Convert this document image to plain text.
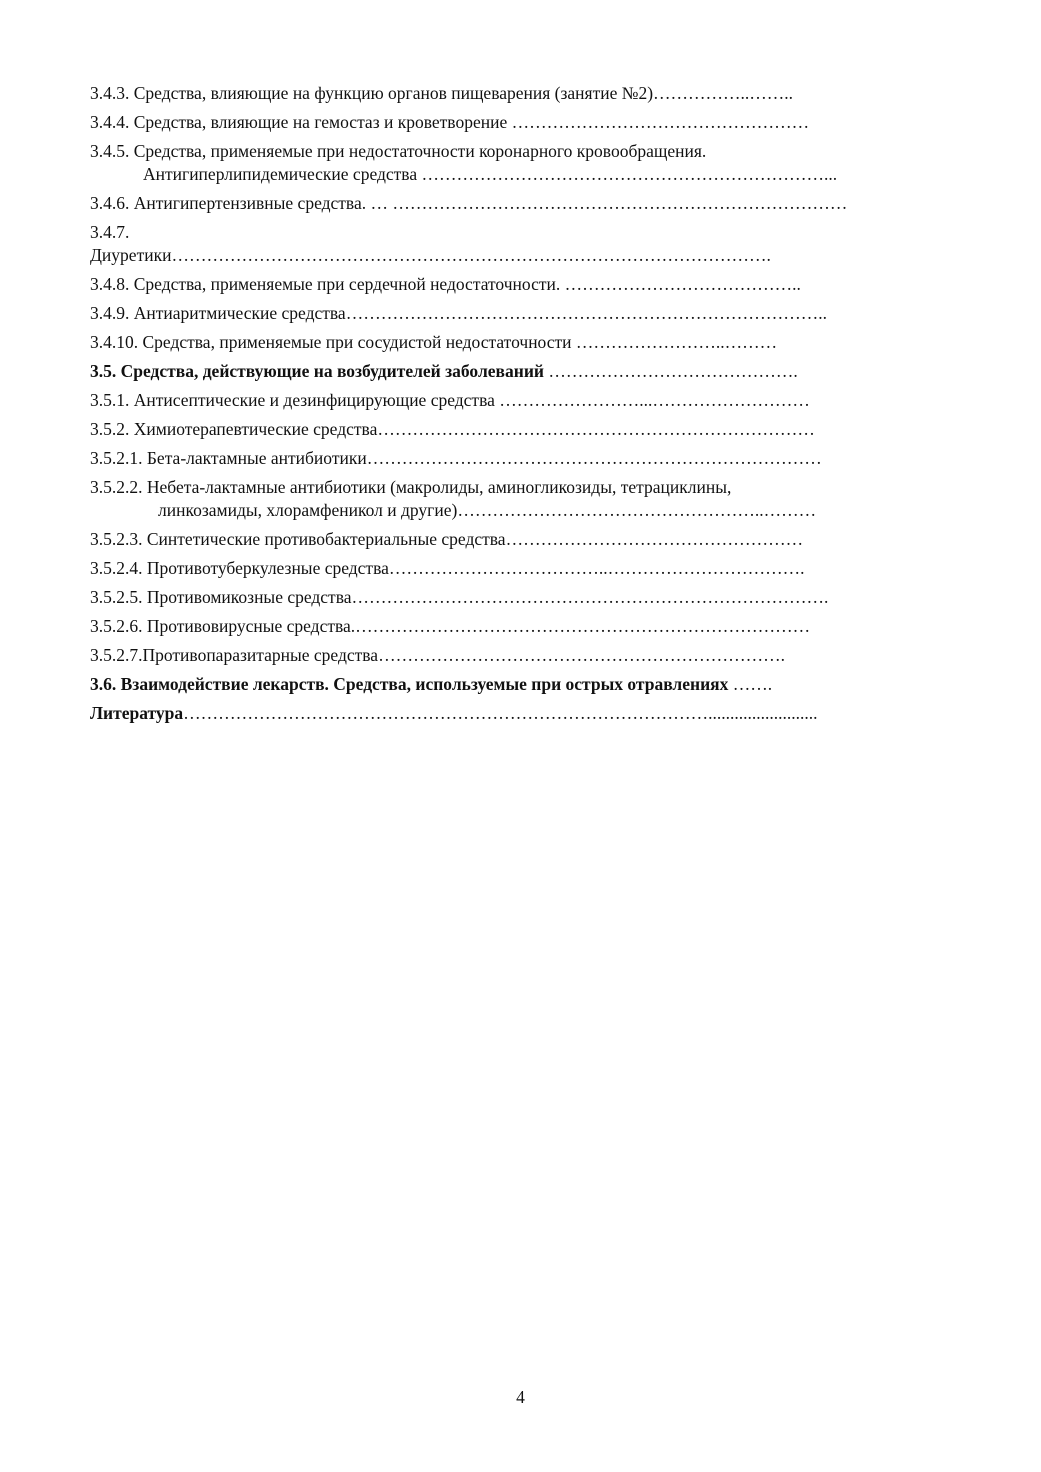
3.4.3. Средства, влияющие на функцию органов пищеварения (занятие №2)……………..……..
3.4.4. Средства, влияющие на гемостаз и кроветворение ……………………………………………
3.4.5. Средства, применяемые при недостаточности коронарного кровообращения.
Антигиперлипидемические средства ……………………………………………………………...
3.4.6. Антигипертензивные средства. … ……………………………………………………………………
3.4.7.
Диуретики………………………………………………………………………………………….
3.4.8. Средства, применяемые при сердечной недостаточности. …………………………………..
3.4.9. Антиаритмические средства………………………………………………………………………..
3.4.10. Средства, применяемые при сосудистой недостаточности ……………………..………
3.5. Средства, действующие на возбудителей заболеваний …………………………………….
3.5.1. Антисептические и дезинфицирующие средства ……………………...………………………
3.5.2. Химиотерапевтические средства…………………………………………………………………
3.5.2.1. Бета-лактамные антибиотики……………………………………………………………………
3.5.2.2. Небета-лактамные антибиотики (макролиды, аминогликозиды, тетрациклины,
линкозамиды, хлорамфеникол и другие)……………………………………………..………
3.5.2.3. Синтетические противобактериальные средства……………………………………………
3.5.2.4. Противотуберкулезные средства………………………………..…………………………….
3.5.2.5. Противомикозные средства……………………………………………………………………….
3.5.2.6. Противовирусные средства.……………………………………………………………………
3.5.2.7.Противопаразитарные средства…………………………………………………………….
3.6. Взаимодействие лекарств. Средства, используемые при острых отравлениях …….
Литература……………………………………………………………………………….........................
4
